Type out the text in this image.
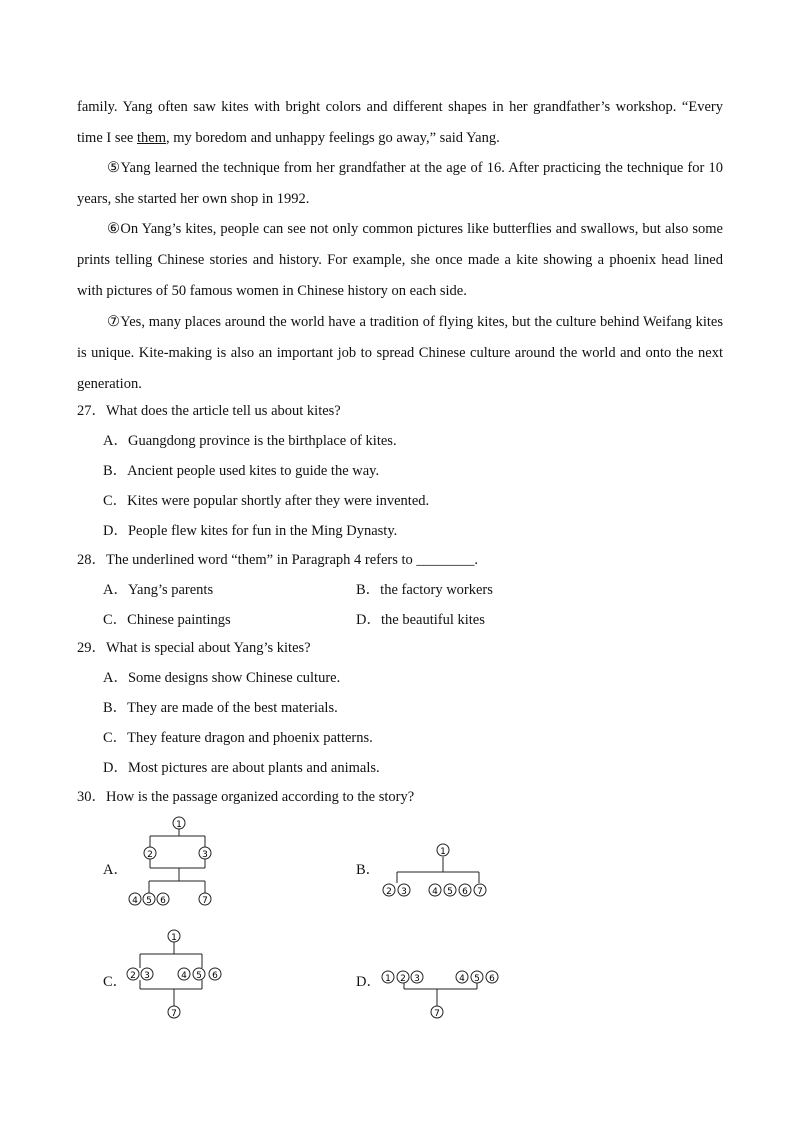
family. Yang often saw kites with bright colors and different shapes in her grandfather’s workshop. “Every time I see them, my boredom and unhappy feelings go away,” said Yang.
⑤Yang learned the technique from her grandfather at the age of 16. After practicing the technique for 10 years, she started her own shop in 1992.
⑥On Yang’s kites, people can see not only common pictures like butterflies and swallows, but also some prints telling Chinese stories and history. For example, she once made a kite showing a phoenix head lined with pictures of 50 famous women in Chinese history on each side.
⑦Yes, many places around the world have a tradition of flying kites, but the culture behind Weifang kites is unique. Kite-making is also an important job to spread Chinese culture around the world and onto the next generation.
27．What does the article tell us about kites?
A．Guangdong province is the birthplace of kites.
B．Ancient people used kites to guide the way.
C．Kites were popular shortly after they were invented.
D．People flew kites for fun in the Ming Dynasty.
28．The underlined word “them” in Paragraph 4 refers to ________.
A．Yang’s parents	B．the factory workers
C．Chinese paintings	D．the beautiful kites
29．What is special about Yang’s kites?
A．Some designs show Chinese culture.
B．They are made of the best materials.
C．They feature dragon and phoenix patterns.
D．Most pictures are about plants and animals.
30．How is the passage organized according to the story?
A．	B．
C．	D．
1
2	3
4 5 6	7
1
2 3	4 5 6 7
1
2 3	4 5 6
7
1 2 3	4 5 6
7
